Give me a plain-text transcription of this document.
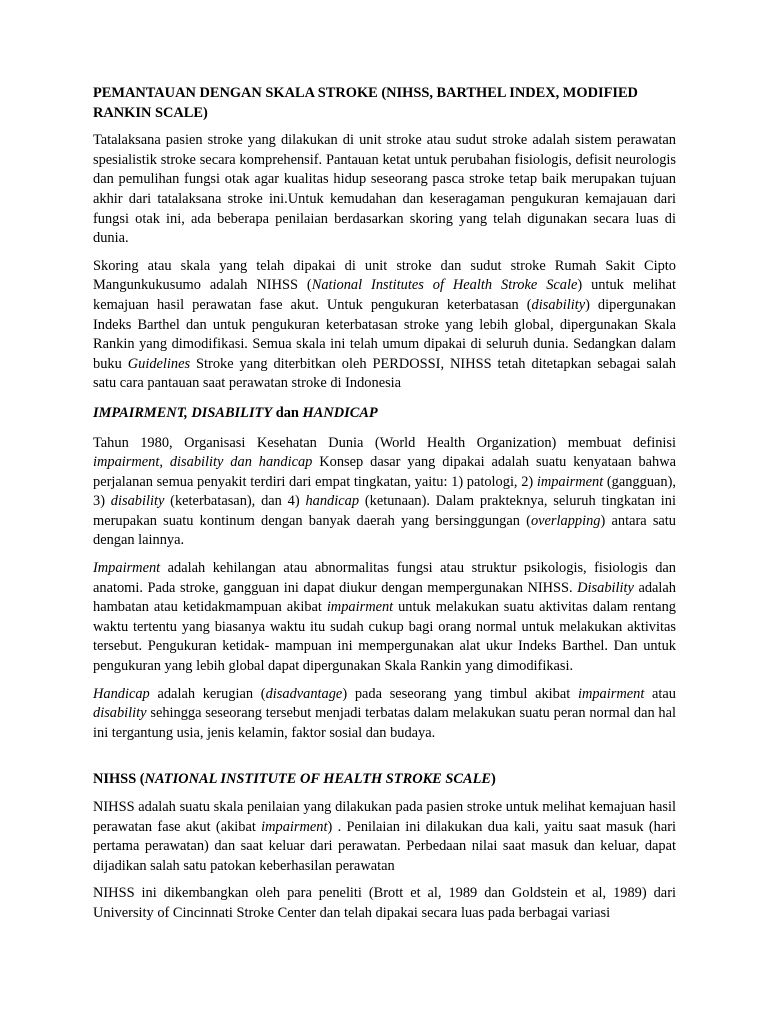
PEMANTAUAN DENGAN SKALA STROKE (NIHSS, BARTHEL INDEX, MODIFIED RANKIN SCALE)

Tatalaksana pasien stroke yang dilakukan di unit stroke atau sudut stroke adalah sistem perawatan spesialistik stroke secara komprehensif. Pantauan ketat untuk perubahan fisiologis, defisit neurologis dan pemulihan fungsi otak agar kualitas hidup seseorang pasca stroke tetap baik merupakan tujuan akhir dari tatalaksana stroke ini.Untuk kemudahan dan keseragaman pengukuran kemajauan dari fungsi otak ini, ada beberapa penilaian berdasarkan skoring yang telah digunakan secara luas di dunia.

Skoring atau skala yang telah dipakai di unit stroke dan sudut stroke Rumah Sakit Cipto Mangunkukusumo adalah NIHSS (National Institutes of Health Stroke Scale) untuk melihat kemajuan hasil perawatan fase akut. Untuk pengukuran keterbatasan (disability) dipergunakan Indeks Barthel dan untuk pengukuran keterbatasan stroke yang lebih global, dipergunakan Skala Rankin yang dimodifikasi. Semua skala ini telah umum dipakai di seluruh dunia. Sedangkan dalam buku Guidelines Stroke yang diterbitkan oleh PERDOSSI, NIHSS tetah ditetapkan sebagai salah satu cara pantauan saat perawatan stroke di Indonesia

IMPAIRMENT, DISABILITY dan HANDICAP

Tahun 1980, Organisasi Kesehatan Dunia (World Health Organization) membuat definisi impairment, disability dan handicap Konsep dasar yang dipakai adalah suatu kenyataan bahwa perjalanan semua penyakit terdiri dari empat tingkatan, yaitu: 1) patologi, 2) impairment (gangguan), 3) disability (keterbatasan), dan 4) handicap (ketunaan). Dalam prakteknya, seluruh tingkatan ini merupakan suatu kontinum dengan banyak daerah yang bersinggungan (overlapping) antara satu dengan lainnya.

Impairment adalah kehilangan atau abnormalitas fungsi atau struktur psikologis, fisiologis dan anatomi. Pada stroke, gangguan ini dapat diukur dengan mempergunakan NIHSS. Disability adalah hambatan atau ketidakmampuan akibat impairment untuk melakukan suatu aktivitas dalam rentang waktu tertentu yang biasanya waktu itu sudah cukup bagi orang normal untuk melakukan aktivitas tersebut. Pengukuran ketidak- mampuan ini mempergunakan alat ukur Indeks Barthel. Dan untuk pengukuran yang lebih global dapat dipergunakan Skala Rankin yang dimodifikasi.

Handicap adalah kerugian (disadvantage) pada seseorang yang timbul akibat impairment atau disability sehingga seseorang tersebut menjadi terbatas dalam melakukan suatu peran normal dan hal ini tergantung usia, jenis kelamin, faktor sosial dan budaya.

NIHSS (NATIONAL INSTITUTE OF HEALTH STROKE SCALE)

NIHSS adalah suatu skala penilaian yang dilakukan pada pasien stroke untuk melihat kemajuan hasil perawatan fase akut (akibat impairment) . Penilaian ini dilakukan dua kali, yaitu saat masuk (hari pertama perawatan) dan saat keluar dari perawatan. Perbedaan nilai saat masuk dan keluar, dapat dijadikan salah satu patokan keberhasilan perawatan

NIHSS ini dikembangkan oleh para peneliti (Brott et al, 1989 dan Goldstein et al, 1989) dari University of Cincinnati Stroke Center dan telah dipakai secara luas pada berbagai variasi
